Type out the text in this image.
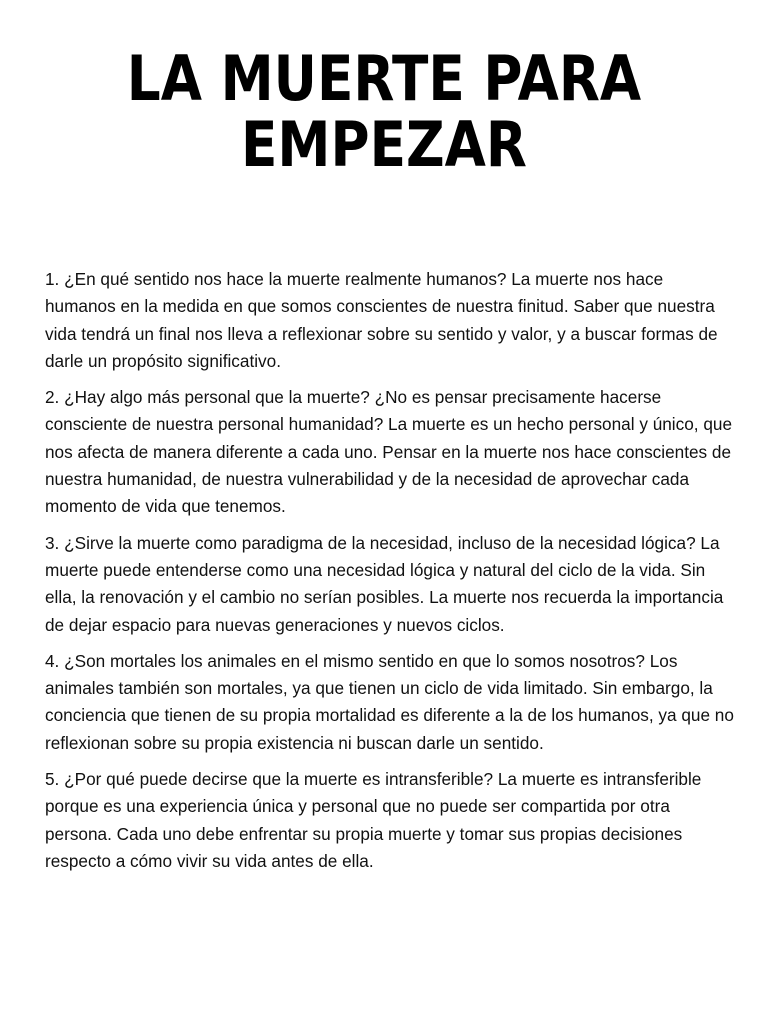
LA MUERTE PARA
EMPEZAR

1. ¿En qué sentido nos hace la muerte realmente humanos? La muerte nos hace humanos en la medida en que somos conscientes de nuestra finitud. Saber que nuestra vida tendrá un final nos lleva a reflexionar sobre su sentido y valor, y a buscar formas de darle un propósito significativo.

2. ¿Hay algo más personal que la muerte? ¿No es pensar precisamente hacerse consciente de nuestra personal humanidad? La muerte es un hecho personal y único, que nos afecta de manera diferente a cada uno. Pensar en la muerte nos hace conscientes de nuestra humanidad, de nuestra vulnerabilidad y de la necesidad de aprovechar cada momento de vida que tenemos.

3. ¿Sirve la muerte como paradigma de la necesidad, incluso de la necesidad lógica? La muerte puede entenderse como una necesidad lógica y natural del ciclo de la vida. Sin ella, la renovación y el cambio no serían posibles. La muerte nos recuerda la importancia de dejar espacio para nuevas generaciones y nuevos ciclos.

4. ¿Son mortales los animales en el mismo sentido en que lo somos nosotros? Los animales también son mortales, ya que tienen un ciclo de vida limitado. Sin embargo, la conciencia que tienen de su propia mortalidad es diferente a la de los humanos, ya que no reflexionan sobre su propia existencia ni buscan darle un sentido.

5. ¿Por qué puede decirse que la muerte es intransferible? La muerte es intransferible porque es una experiencia única y personal que no puede ser compartida por otra persona. Cada uno debe enfrentar su propia muerte y tomar sus propias decisiones respecto a cómo vivir su vida antes de ella.
